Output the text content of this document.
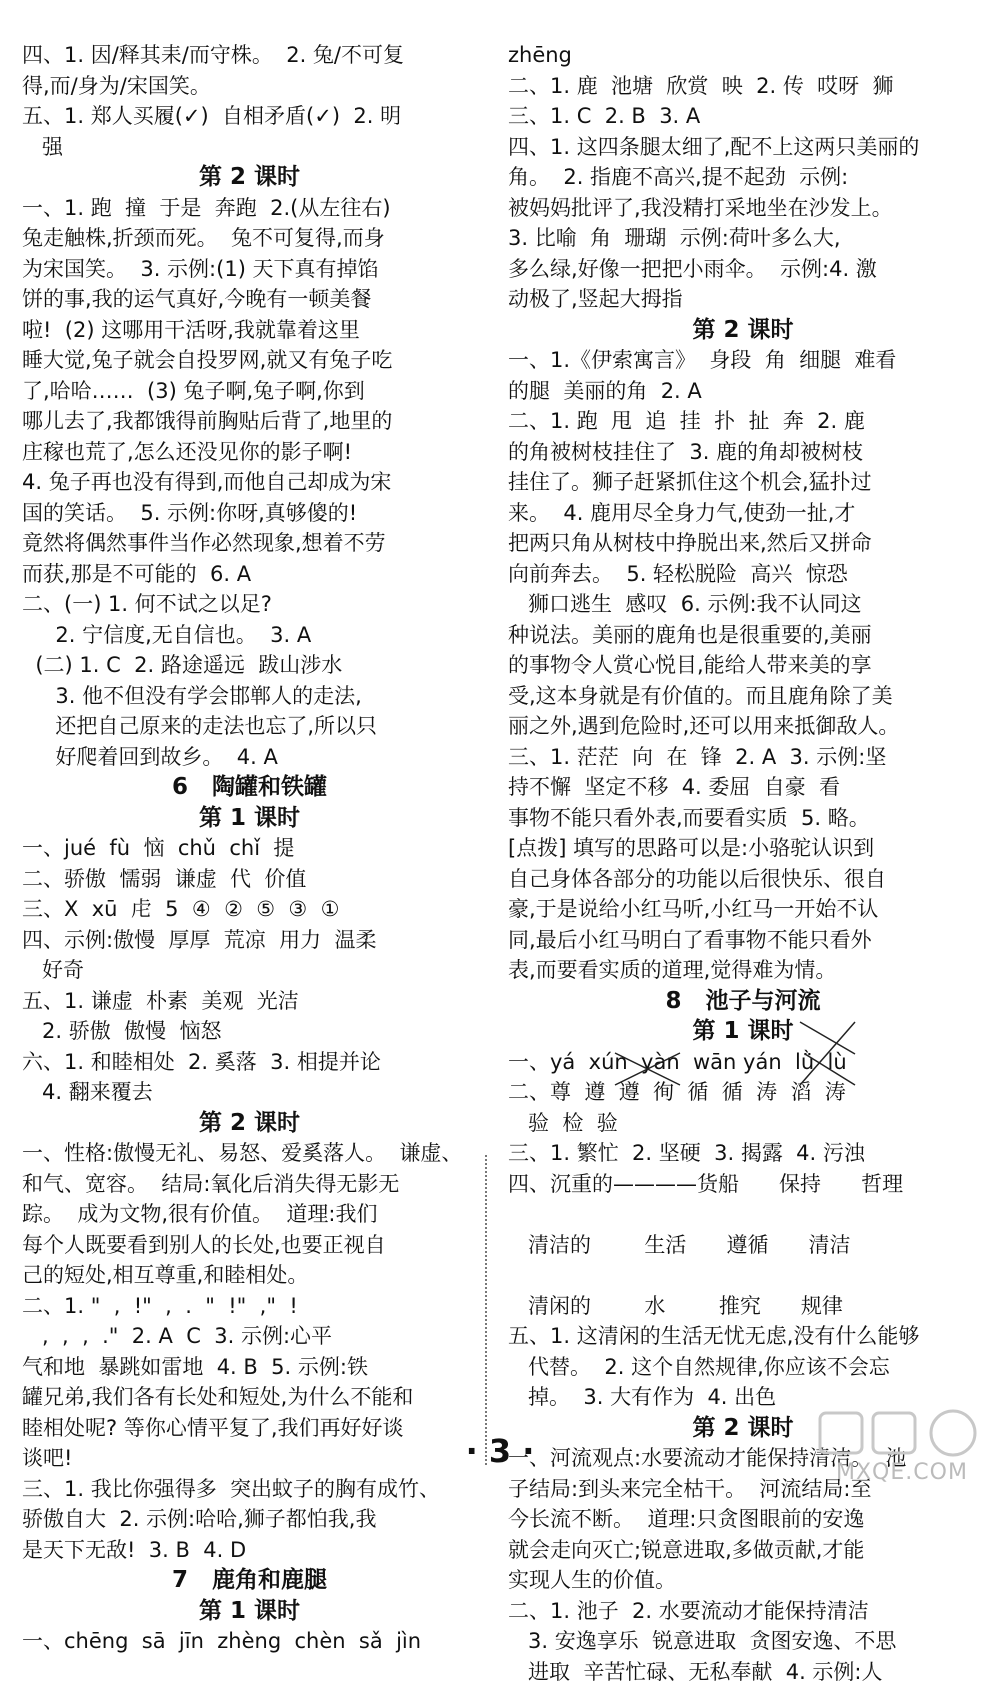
四、1. 因/释其耒/而守株。  2. 兔/不可复
得,而/身为/宋国笑。
五、1. 郑人买履(✓)  自相矛盾(✓)  2. 明
强
第 2 课时
一、1. 跑  撞  于是  奔跑  2.(从左往右)
兔走触株,折颈而死。  兔不可复得,而身
为宋国笑。  3. 示例:(1) 天下真有掉馅
饼的事,我的运气真好,今晚有一顿美餐
啦!  (2) 这哪用干活呀,我就靠着这里
睡大觉,兔子就会自投罗网,就又有兔子吃
了,哈哈……  (3) 兔子啊,兔子啊,你到
哪儿去了,我都饿得前胸贴后背了,地里的
庄稼也荒了,怎么还没见你的影子啊!
4. 兔子再也没有得到,而他自己却成为宋
国的笑话。  5. 示例:你呀,真够傻的!
竟然将偶然事件当作必然现象,想着不劳
而获,那是不可能的  6. A
二、(一) 1. 何不试之以足?
2. 宁信度,无自信也。  3. A
(二) 1. C  2. 路途遥远  跋山涉水
3. 他不但没有学会邯郸人的走法,
还把自己原来的走法也忘了,所以只
好爬着回到故乡。  4. A
6   陶罐和铁罐
第 1 课时
一、jué  fù  恼  chǔ  chǐ  提
二、骄傲  懦弱  谦虚  代  价值
三、X  xū  虍  5  ④  ②  ⑤  ③  ①
四、示例:傲慢  厚厚  荒凉  用力  温柔
好奇
五、1. 谦虚  朴素  美观  光洁
2. 骄傲  傲慢  恼怒
六、1. 和睦相处  2. 奚落  3. 相提并论
4. 翻来覆去
第 2 课时
一、性格:傲慢无礼、易怒、爱奚落人。  谦虚、
和气、宽容。  结局:氧化后消失得无影无
踪。  成为文物,很有价值。  道理:我们
每个人既要看到别人的长处,也要正视自
己的短处,相互尊重,和睦相处。
二、1. "  ,  !"  ,  .  "  !"  ,"  !
,  ,  ,  ."  2. A  C  3. 示例:心平
气和地  暴跳如雷地  4. B  5. 示例:铁
罐兄弟,我们各有长处和短处,为什么不能和
睦相处呢? 等你心情平复了,我们再好好谈
谈吧!
三、1. 我比你强得多  突出蚊子的胸有成竹、
骄傲自大  2. 示例:哈哈,狮子都怕我,我
是天下无敌!  3. B  4. D
7   鹿角和鹿腿
第 1 课时
一、chēng  sā  jīn  zhèng  chèn  sǎ  jìn
zhēng
二、1. 鹿  池塘  欣赏  映  2. 传  哎呀  狮
三、1. C  2. B  3. A
四、1. 这四条腿太细了,配不上这两只美丽的
角。  2. 指鹿不高兴,提不起劲  示例:
被妈妈批评了,我没精打采地坐在沙发上。
3. 比喻  角  珊瑚  示例:荷叶多么大,
多么绿,好像一把把小雨伞。  示例:4. 激
动极了,竖起大拇指
第 2 课时
一、1.《伊索寓言》  身段  角  细腿  难看
的腿  美丽的角  2. A
二、1. 跑  甩  追  挂  扑  扯  奔  2. 鹿
的角被树枝挂住了  3. 鹿的角却被树枝
挂住了。狮子赶紧抓住这个机会,猛扑过
来。  4. 鹿用尽全身力气,使劲一扯,才
把两只角从树枝中挣脱出来,然后又拼命
向前奔去。  5. 轻松脱险  高兴  惊恐
狮口逃生  感叹  6. 示例:我不认同这
种说法。美丽的鹿角也是很重要的,美丽
的事物令人赏心悦目,能给人带来美的享
受,这本身就是有价值的。而且鹿角除了美
丽之外,遇到危险时,还可以用来抵御敌人。
三、1. 茫茫  向  在  锋  2. A  3. 示例:坚
持不懈  坚定不移  4. 委屈  自豪  看
事物不能只看外表,而要看实质  5. 略。
[点拨] 填写的思路可以是:小骆驼认识到
自己身体各部分的功能以后很快乐、很自
豪,于是说给小红马听,小红马一开始不认
同,最后小红马明白了看事物不能只看外
表,而要看实质的道理,觉得难为情。
8   池子与河流
第 1 课时
一、yá  xún  yàn  wān yán  lǜ  lù
二、尊  遵  遵  徇  循  循  涛  滔  涛
验  检  验
三、1. 繁忙  2. 坚硬  3. 揭露  4. 污浊
四、沉重的————货船      保持      哲理
清洁的        生活      遵循      清洁
清闲的        水        推究      规律
五、1. 这清闲的生活无忧无虑,没有什么能够
代替。  2. 这个自然规律,你应该不会忘
掉。  3. 大有作为  4. 出色
第 2 课时
一、河流观点:水要流动才能保持清洁。  池
子结局:到头来完全枯干。  河流结局:至
今长流不断。  道理:只贪图眼前的安逸
就会走向灭亡;锐意进取,多做贡献,才能
实现人生的价值。
二、1. 池子  2. 水要流动才能保持清洁
3. 安逸享乐  锐意进取  贪图安逸、不思
进取  辛苦忙碌、无私奉献  4. 示例:人
· 3 ·
MXQE.COM
